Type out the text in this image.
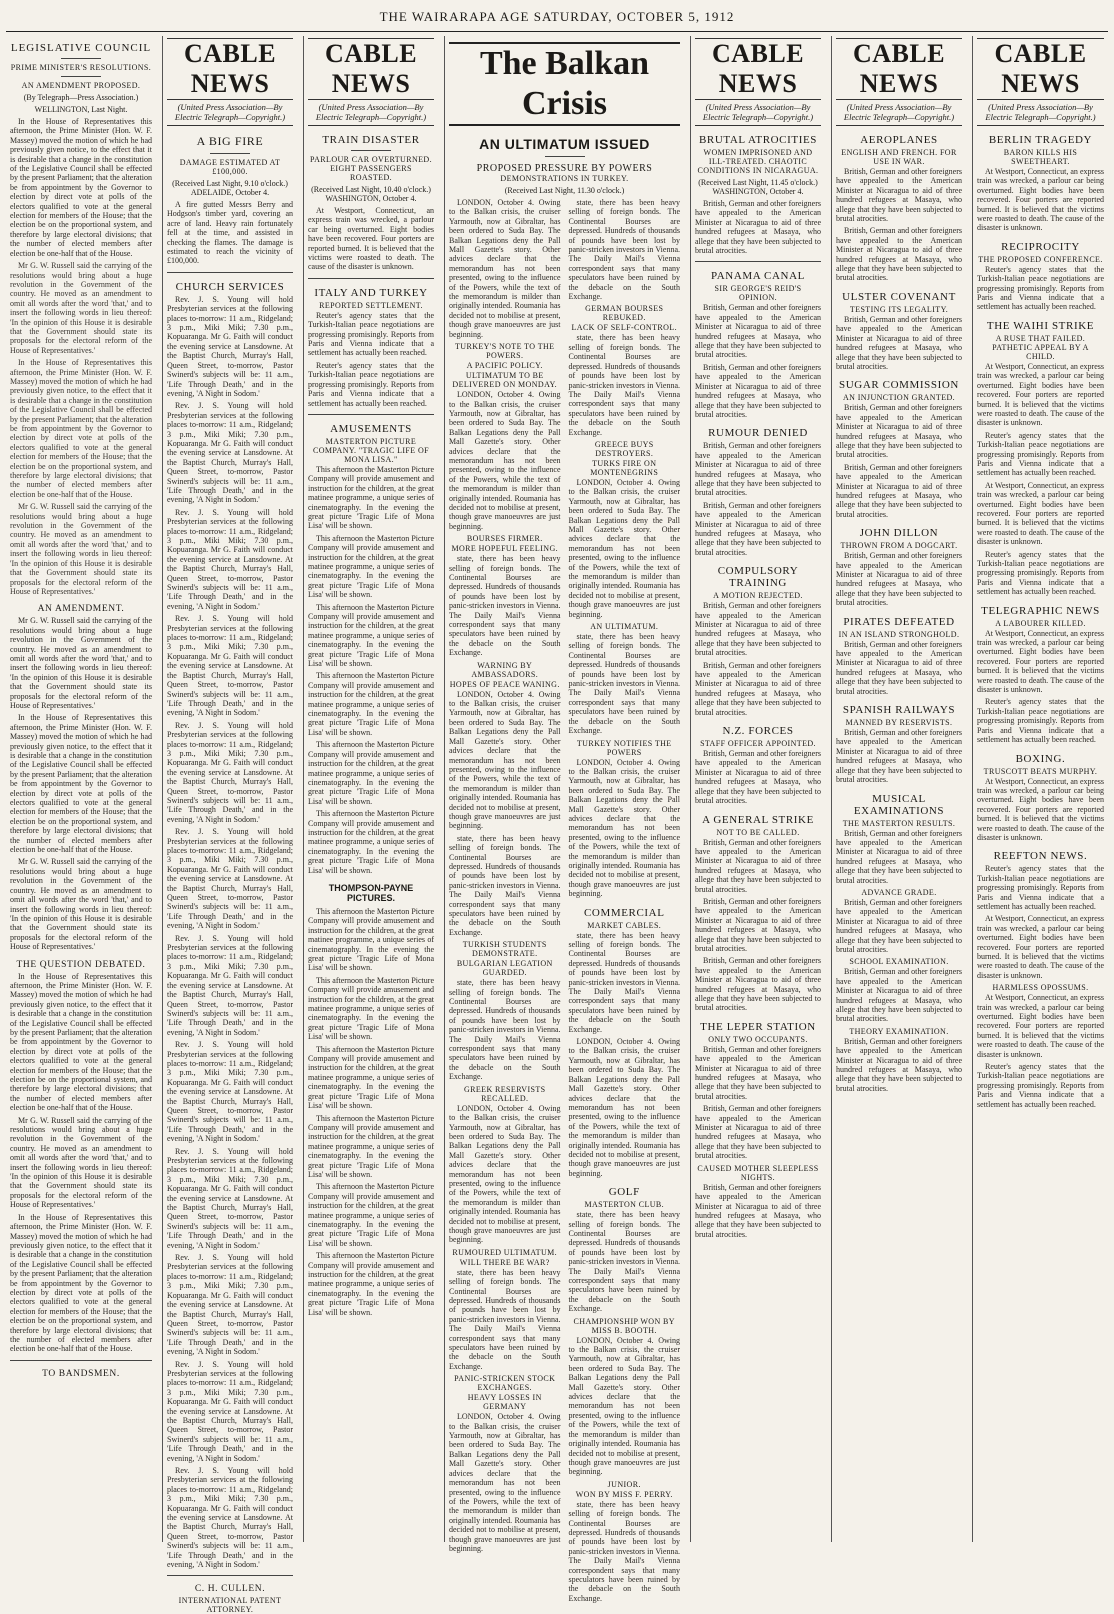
THE WAIRARAPA AGE SATURDAY, OCTOBER 5, 1912
LEGISLATIVE COUNCIL
PRIME MINISTER'S RESOLUTIONS.
AN AMENDMENT PROPOSED.
(By Telegraph—Press Association.)
WELLINGTON, Last Night.

In the House of Representatives this afternoon, the Prime Minister (Hon. W. F. Massey) moved the motion of which he had previously given notice, to the effect that it is desirable that a change in the constitution of the Legislative Council shall be effected by the present Parliament; that the alteration be from appointment by the Governor to election by direct vote at polls of the electors qualified to vote at the general election for members of the House; that the election be on the proportional system, and therefore by large electoral divisions; that the number of elected members after election be one-half that of the House.

Mr G. W. Russell said the carrying of the resolutions would bring about a huge revolution in the Government of the country. He moved as an amendment to omit all words after the word 'that,' and to insert the following words in lieu thereof: 'In the opinion of this House it is desirable that the Government should state its proposals for the electoral reform of the House of Representatives.'

In the House of Representatives this afternoon, the Prime Minister (Hon. W. F. Massey) moved the motion of which he had previously given notice, to the effect that it is desirable that a change in the constitution of the Legislative Council shall be effected by the present Parliament; that the alteration be from appointment by the Governor to election by direct vote at polls of the electors qualified to vote at the general election for members of the House; that the election be on the proportional system, and therefore by large electoral divisions; that the number of elected members after election be one-half that of the House.

Mr G. W. Russell said the carrying of the resolutions would bring about a huge revolution in the Government of the country. He moved as an amendment to omit all words after the word 'that,' and to insert the following words in lieu thereof: 'In the opinion of this House it is desirable that the Government should state its proposals for the electoral reform of the House of Representatives.'

AN AMENDMENT.

Mr G. W. Russell said the carrying of the resolutions would bring about a huge revolution in the Government of the country. He moved as an amendment to omit all words after the word 'that,' and to insert the following words in lieu thereof: 'In the opinion of this House it is desirable that the Government should state its proposals for the electoral reform of the House of Representatives.'

In the House of Representatives this afternoon, the Prime Minister (Hon. W. F. Massey) moved the motion of which he had previously given notice, to the effect that it is desirable that a change in the constitution of the Legislative Council shall be effected by the present Parliament; that the alteration be from appointment by the Governor to election by direct vote at polls of the electors qualified to vote at the general election for members of the House; that the election be on the proportional system, and therefore by large electoral divisions; that the number of elected members after election be one-half that of the House.

Mr G. W. Russell said the carrying of the resolutions would bring about a huge revolution in the Government of the country. He moved as an amendment to omit all words after the word 'that,' and to insert the following words in lieu thereof: 'In the opinion of this House it is desirable that the Government should state its proposals for the electoral reform of the House of Representatives.'

THE QUESTION DEBATED.

In the House of Representatives this afternoon, the Prime Minister (Hon. W. F. Massey) moved the motion of which he had previously given notice, to the effect that it is desirable that a change in the constitution of the Legislative Council shall be effected by the present Parliament; that the alteration be from appointment by the Governor to election by direct vote at polls of the electors qualified to vote at the general election for members of the House; that the election be on the proportional system, and therefore by large electoral divisions; that the number of elected members after election be one-half that of the House.

Mr G. W. Russell said the carrying of the resolutions would bring about a huge revolution in the Government of the country. He moved as an amendment to omit all words after the word 'that,' and to insert the following words in lieu thereof: 'In the opinion of this House it is desirable that the Government should state its proposals for the electoral reform of the House of Representatives.'

In the House of Representatives this afternoon, the Prime Minister (Hon. W. F. Massey) moved the motion of which he had previously given notice, to the effect that it is desirable that a change in the constitution of the Legislative Council shall be effected by the present Parliament; that the alteration be from appointment by the Governor to election by direct vote at polls of the electors qualified to vote at the general election for members of the House; that the election be on the proportional system, and therefore by large electoral divisions; that the number of elected members after election be one-half that of the House.

TO BANDSMEN.
CABLE NEWS
(United Press Association—By Electric Telegraph—Copyright.)
A BIG FIRE
DAMAGE ESTIMATED AT £100,000.
(Received Last Night, 9.10 o'clock.) ADELAIDE, October 4.

A fire gutted Messrs Berry and Hodgson's timber yard, covering an acre of land. Heavy rain fortunately fell at the time, and assisted in checking the flames. The damage is estimated to reach the vicinity of £100,000.

CHURCH SERVICES

Rev. J. S. Young will hold Presbyterian services at the following places to-morrow: 11 a.m., Ridgeland; 3 p.m., Miki Miki; 7.30 p.m., Kopuaranga. Mr G. Faith will conduct the evening service at Lansdowne. At the Baptist Church, Murray's Hall, Queen Street, to-morrow, Pastor Swinerd's subjects will be: 11 a.m., 'Life Through Death,' and in the evening, 'A Night in Sodom.'

Rev. J. S. Young will hold Presbyterian services at the following places to-morrow: 11 a.m., Ridgeland; 3 p.m., Miki Miki; 7.30 p.m., Kopuaranga. Mr G. Faith will conduct the evening service at Lansdowne. At the Baptist Church, Murray's Hall, Queen Street, to-morrow, Pastor Swinerd's subjects will be: 11 a.m., 'Life Through Death,' and in the evening, 'A Night in Sodom.'

Rev. J. S. Young will hold Presbyterian services at the following places to-morrow: 11 a.m., Ridgeland; 3 p.m., Miki Miki; 7.30 p.m., Kopuaranga. Mr G. Faith will conduct the evening service at Lansdowne. At the Baptist Church, Murray's Hall, Queen Street, to-morrow, Pastor Swinerd's subjects will be: 11 a.m., 'Life Through Death,' and in the evening, 'A Night in Sodom.'

Rev. J. S. Young will hold Presbyterian services at the following places to-morrow: 11 a.m., Ridgeland; 3 p.m., Miki Miki; 7.30 p.m., Kopuaranga. Mr G. Faith will conduct the evening service at Lansdowne. At the Baptist Church, Murray's Hall, Queen Street, to-morrow, Pastor Swinerd's subjects will be: 11 a.m., 'Life Through Death,' and in the evening, 'A Night in Sodom.'

Rev. J. S. Young will hold Presbyterian services at the following places to-morrow: 11 a.m., Ridgeland; 3 p.m., Miki Miki; 7.30 p.m., Kopuaranga. Mr G. Faith will conduct the evening service at Lansdowne. At the Baptist Church, Murray's Hall, Queen Street, to-morrow, Pastor Swinerd's subjects will be: 11 a.m., 'Life Through Death,' and in the evening, 'A Night in Sodom.'

Rev. J. S. Young will hold Presbyterian services at the following places to-morrow: 11 a.m., Ridgeland; 3 p.m., Miki Miki; 7.30 p.m., Kopuaranga. Mr G. Faith will conduct the evening service at Lansdowne. At the Baptist Church, Murray's Hall, Queen Street, to-morrow, Pastor Swinerd's subjects will be: 11 a.m., 'Life Through Death,' and in the evening, 'A Night in Sodom.'

Rev. J. S. Young will hold Presbyterian services at the following places to-morrow: 11 a.m., Ridgeland; 3 p.m., Miki Miki; 7.30 p.m., Kopuaranga. Mr G. Faith will conduct the evening service at Lansdowne. At the Baptist Church, Murray's Hall, Queen Street, to-morrow, Pastor Swinerd's subjects will be: 11 a.m., 'Life Through Death,' and in the evening, 'A Night in Sodom.'

Rev. J. S. Young will hold Presbyterian services at the following places to-morrow: 11 a.m., Ridgeland; 3 p.m., Miki Miki; 7.30 p.m., Kopuaranga. Mr G. Faith will conduct the evening service at Lansdowne. At the Baptist Church, Murray's Hall, Queen Street, to-morrow, Pastor Swinerd's subjects will be: 11 a.m., 'Life Through Death,' and in the evening, 'A Night in Sodom.'

Rev. J. S. Young will hold Presbyterian services at the following places to-morrow: 11 a.m., Ridgeland; 3 p.m., Miki Miki; 7.30 p.m., Kopuaranga. Mr G. Faith will conduct the evening service at Lansdowne. At the Baptist Church, Murray's Hall, Queen Street, to-morrow, Pastor Swinerd's subjects will be: 11 a.m., 'Life Through Death,' and in the evening, 'A Night in Sodom.'

Rev. J. S. Young will hold Presbyterian services at the following places to-morrow: 11 a.m., Ridgeland; 3 p.m., Miki Miki; 7.30 p.m., Kopuaranga. Mr G. Faith will conduct the evening service at Lansdowne. At the Baptist Church, Murray's Hall, Queen Street, to-morrow, Pastor Swinerd's subjects will be: 11 a.m., 'Life Through Death,' and in the evening, 'A Night in Sodom.'

Rev. J. S. Young will hold Presbyterian services at the following places to-morrow: 11 a.m., Ridgeland; 3 p.m., Miki Miki; 7.30 p.m., Kopuaranga. Mr G. Faith will conduct the evening service at Lansdowne. At the Baptist Church, Murray's Hall, Queen Street, to-morrow, Pastor Swinerd's subjects will be: 11 a.m., 'Life Through Death,' and in the evening, 'A Night in Sodom.'

Rev. J. S. Young will hold Presbyterian services at the following places to-morrow: 11 a.m., Ridgeland; 3 p.m., Miki Miki; 7.30 p.m., Kopuaranga. Mr G. Faith will conduct the evening service at Lansdowne. At the Baptist Church, Murray's Hall, Queen Street, to-morrow, Pastor Swinerd's subjects will be: 11 a.m., 'Life Through Death,' and in the evening, 'A Night in Sodom.'

C. H. CULLEN.
INTERNATIONAL PATENT ATTORNEY.
CABLE NEWS
(United Press Association—By Electric Telegraph—Copyright.)
TRAIN DISASTER
PARLOUR CAR OVERTURNED. EIGHT PASSENGERS ROASTED.
(Received Last Night, 10.40 o'clock.) WASHINGTON, October 4.

At Westport, Connecticut, an express train was wrecked, a parlour car being overturned. Eight bodies have been recovered. Four porters are reported burned. It is believed that the victims were roasted to death. The cause of the disaster is unknown.

ITALY AND TURKEY
REPORTED SETTLEMENT.

Reuter's agency states that the Turkish-Italian peace negotiations are progressing promisingly. Reports from Paris and Vienna indicate that a settlement has actually been reached.

Reuter's agency states that the Turkish-Italian peace negotiations are progressing promisingly. Reports from Paris and Vienna indicate that a settlement has actually been reached.

AMUSEMENTS
MASTERTON PICTURE COMPANY. "TRAGIC LIFE OF MONA LISA."

This afternoon the Masterton Picture Company will provide amusement and instruction for the children, at the great matinee programme, a unique series of cinematography. In the evening the great picture 'Tragic Life of Mona Lisa' will be shown.

This afternoon the Masterton Picture Company will provide amusement and instruction for the children, at the great matinee programme, a unique series of cinematography. In the evening the great picture 'Tragic Life of Mona Lisa' will be shown.

This afternoon the Masterton Picture Company will provide amusement and instruction for the children, at the great matinee programme, a unique series of cinematography. In the evening the great picture 'Tragic Life of Mona Lisa' will be shown.

This afternoon the Masterton Picture Company will provide amusement and instruction for the children, at the great matinee programme, a unique series of cinematography. In the evening the great picture 'Tragic Life of Mona Lisa' will be shown.

This afternoon the Masterton Picture Company will provide amusement and instruction for the children, at the great matinee programme, a unique series of cinematography. In the evening the great picture 'Tragic Life of Mona Lisa' will be shown.

This afternoon the Masterton Picture Company will provide amusement and instruction for the children, at the great matinee programme, a unique series of cinematography. In the evening the great picture 'Tragic Life of Mona Lisa' will be shown.

THOMPSON-PAYNE PICTURES.

This afternoon the Masterton Picture Company will provide amusement and instruction for the children, at the great matinee programme, a unique series of cinematography. In the evening the great picture 'Tragic Life of Mona Lisa' will be shown.

This afternoon the Masterton Picture Company will provide amusement and instruction for the children, at the great matinee programme, a unique series of cinematography. In the evening the great picture 'Tragic Life of Mona Lisa' will be shown.

This afternoon the Masterton Picture Company will provide amusement and instruction for the children, at the great matinee programme, a unique series of cinematography. In the evening the great picture 'Tragic Life of Mona Lisa' will be shown.

This afternoon the Masterton Picture Company will provide amusement and instruction for the children, at the great matinee programme, a unique series of cinematography. In the evening the great picture 'Tragic Life of Mona Lisa' will be shown.

This afternoon the Masterton Picture Company will provide amusement and instruction for the children, at the great matinee programme, a unique series of cinematography. In the evening the great picture 'Tragic Life of Mona Lisa' will be shown.

This afternoon the Masterton Picture Company will provide amusement and instruction for the children, at the great matinee programme, a unique series of cinematography. In the evening the great picture 'Tragic Life of Mona Lisa' will be shown.

The Balkan Crisis
AN ULTIMATUM ISSUED
PROPOSED PRESSURE BY POWERS
DEMONSTRATIONS IN TURKEY.
(Received Last Night, 11.30 o'clock.)

LONDON, October 4. Owing to the Balkan crisis, the cruiser Yarmouth, now at Gibraltar, has been ordered to Suda Bay. The Balkan Legations deny the Pall Mall Gazette's story. Other advices declare that the memorandum has not been presented, owing to the influence of the Powers, while the text of the memorandum is milder than originally intended. Roumania has decided not to mobilise at present, though grave manoeuvres are just beginning.

TURKEY'S NOTE TO THE POWERS.
A PACIFIC POLICY.
ULTIMATUM TO BE DELIVERED ON MONDAY.

LONDON, October 4. Owing to the Balkan crisis, the cruiser Yarmouth, now at Gibraltar, has been ordered to Suda Bay. The Balkan Legations deny the Pall Mall Gazette's story. Other advices declare that the memorandum has not been presented, owing to the influence of the Powers, while the text of the memorandum is milder than originally intended. Roumania has decided not to mobilise at present, though grave manoeuvres are just beginning.

BOURSES FIRMER.
MORE HOPEFUL FEELING.

state, there has been heavy selling of foreign bonds. The Continental Bourses are depressed. Hundreds of thousands of pounds have been lost by panic-stricken investors in Vienna. The Daily Mail's Vienna correspondent says that many speculators have been ruined by the debacle on the South Exchange.

WARNING BY AMBASSADORS.
HOPES OF PEACE WANING.

LONDON, October 4. Owing to the Balkan crisis, the cruiser Yarmouth, now at Gibraltar, has been ordered to Suda Bay. The Balkan Legations deny the Pall Mall Gazette's story. Other advices declare that the memorandum has not been presented, owing to the influence of the Powers, while the text of the memorandum is milder than originally intended. Roumania has decided not to mobilise at present, though grave manoeuvres are just beginning.

state, there has been heavy selling of foreign bonds. The Continental Bourses are depressed. Hundreds of thousands of pounds have been lost by panic-stricken investors in Vienna. The Daily Mail's Vienna correspondent says that many speculators have been ruined by the debacle on the South Exchange.

TURKISH STUDENTS DEMONSTRATE.
BULGARIAN LEGATION GUARDED.

state, there has been heavy selling of foreign bonds. The Continental Bourses are depressed. Hundreds of thousands of pounds have been lost by panic-stricken investors in Vienna. The Daily Mail's Vienna correspondent says that many speculators have been ruined by the debacle on the South Exchange.

GREEK RESERVISTS RECALLED.

LONDON, October 4. Owing to the Balkan crisis, the cruiser Yarmouth, now at Gibraltar, has been ordered to Suda Bay. The Balkan Legations deny the Pall Mall Gazette's story. Other advices declare that the memorandum has not been presented, owing to the influence of the Powers, while the text of the memorandum is milder than originally intended. Roumania has decided not to mobilise at present, though grave manoeuvres are just beginning.

RUMOURED ULTIMATUM.
WILL THERE BE WAR?

state, there has been heavy selling of foreign bonds. The Continental Bourses are depressed. Hundreds of thousands of pounds have been lost by panic-stricken investors in Vienna. The Daily Mail's Vienna correspondent says that many speculators have been ruined by the debacle on the South Exchange.

PANIC-STRICKEN STOCK EXCHANGES.
HEAVY LOSSES IN GERMANY

LONDON, October 4. Owing to the Balkan crisis, the cruiser Yarmouth, now at Gibraltar, has been ordered to Suda Bay. The Balkan Legations deny the Pall Mall Gazette's story. Other advices declare that the memorandum has not been presented, owing to the influence of the Powers, while the text of the memorandum is milder than originally intended. Roumania has decided not to mobilise at present, though grave manoeuvres are just beginning.

state, there has been heavy selling of foreign bonds. The Continental Bourses are depressed. Hundreds of thousands of pounds have been lost by panic-stricken investors in Vienna. The Daily Mail's Vienna correspondent says that many speculators have been ruined by the debacle on the South Exchange.

GERMAN BOURSES REBUKED.
LACK OF SELF-CONTROL.

state, there has been heavy selling of foreign bonds. The Continental Bourses are depressed. Hundreds of thousands of pounds have been lost by panic-stricken investors in Vienna. The Daily Mail's Vienna correspondent says that many speculators have been ruined by the debacle on the South Exchange.

GREECE BUYS DESTROYERS.
TURKS FIRE ON MONTENEGRINS

LONDON, October 4. Owing to the Balkan crisis, the cruiser Yarmouth, now at Gibraltar, has been ordered to Suda Bay. The Balkan Legations deny the Pall Mall Gazette's story. Other advices declare that the memorandum has not been presented, owing to the influence of the Powers, while the text of the memorandum is milder than originally intended. Roumania has decided not to mobilise at present, though grave manoeuvres are just beginning.

AN ULTIMATUM.

state, there has been heavy selling of foreign bonds. The Continental Bourses are depressed. Hundreds of thousands of pounds have been lost by panic-stricken investors in Vienna. The Daily Mail's Vienna correspondent says that many speculators have been ruined by the debacle on the South Exchange.

TURKEY NOTIFIES THE POWERS

LONDON, October 4. Owing to the Balkan crisis, the cruiser Yarmouth, now at Gibraltar, has been ordered to Suda Bay. The Balkan Legations deny the Pall Mall Gazette's story. Other advices declare that the memorandum has not been presented, owing to the influence of the Powers, while the text of the memorandum is milder than originally intended. Roumania has decided not to mobilise at present, though grave manoeuvres are just beginning.

COMMERCIAL
MARKET CABLES.

state, there has been heavy selling of foreign bonds. The Continental Bourses are depressed. Hundreds of thousands of pounds have been lost by panic-stricken investors in Vienna. The Daily Mail's Vienna correspondent says that many speculators have been ruined by the debacle on the South Exchange.

LONDON, October 4. Owing to the Balkan crisis, the cruiser Yarmouth, now at Gibraltar, has been ordered to Suda Bay. The Balkan Legations deny the Pall Mall Gazette's story. Other advices declare that the memorandum has not been presented, owing to the influence of the Powers, while the text of the memorandum is milder than originally intended. Roumania has decided not to mobilise at present, though grave manoeuvres are just beginning.

GOLF
MASTERTON CLUB.

state, there has been heavy selling of foreign bonds. The Continental Bourses are depressed. Hundreds of thousands of pounds have been lost by panic-stricken investors in Vienna. The Daily Mail's Vienna correspondent says that many speculators have been ruined by the debacle on the South Exchange.

CHAMPIONSHIP WON BY MISS B. BOOTH.

LONDON, October 4. Owing to the Balkan crisis, the cruiser Yarmouth, now at Gibraltar, has been ordered to Suda Bay. The Balkan Legations deny the Pall Mall Gazette's story. Other advices declare that the memorandum has not been presented, owing to the influence of the Powers, while the text of the memorandum is milder than originally intended. Roumania has decided not to mobilise at present, though grave manoeuvres are just beginning.

JUNIOR.
WON BY MISS F. PERRY.

state, there has been heavy selling of foreign bonds. The Continental Bourses are depressed. Hundreds of thousands of pounds have been lost by panic-stricken investors in Vienna. The Daily Mail's Vienna correspondent says that many speculators have been ruined by the debacle on the South Exchange.

CABLE NEWS
(United Press Association—By Electric Telegraph—Copyright.)
BRUTAL ATROCITIES
WOMEN IMPRISONED AND ILL-TREATED. CHAOTIC CONDITIONS IN NICARAGUA.
(Received Last Night, 11.45 o'clock.) WASHINGTON, October 4.

British, German and other foreigners have appealed to the American Minister at Nicaragua to aid of three hundred refugees at Masaya, who allege that they have been subjected to brutal atrocities.

PANAMA CANAL
SIR GEORGE'S REID'S OPINION.

British, German and other foreigners have appealed to the American Minister at Nicaragua to aid of three hundred refugees at Masaya, who allege that they have been subjected to brutal atrocities.

British, German and other foreigners have appealed to the American Minister at Nicaragua to aid of three hundred refugees at Masaya, who allege that they have been subjected to brutal atrocities.

RUMOUR DENIED

British, German and other foreigners have appealed to the American Minister at Nicaragua to aid of three hundred refugees at Masaya, who allege that they have been subjected to brutal atrocities.

British, German and other foreigners have appealed to the American Minister at Nicaragua to aid of three hundred refugees at Masaya, who allege that they have been subjected to brutal atrocities.

COMPULSORY TRAINING
A MOTION REJECTED.

British, German and other foreigners have appealed to the American Minister at Nicaragua to aid of three hundred refugees at Masaya, who allege that they have been subjected to brutal atrocities.

British, German and other foreigners have appealed to the American Minister at Nicaragua to aid of three hundred refugees at Masaya, who allege that they have been subjected to brutal atrocities.

N.Z. FORCES
STAFF OFFICER APPOINTED.

British, German and other foreigners have appealed to the American Minister at Nicaragua to aid of three hundred refugees at Masaya, who allege that they have been subjected to brutal atrocities.

A GENERAL STRIKE
NOT TO BE CALLED.

British, German and other foreigners have appealed to the American Minister at Nicaragua to aid of three hundred refugees at Masaya, who allege that they have been subjected to brutal atrocities.

British, German and other foreigners have appealed to the American Minister at Nicaragua to aid of three hundred refugees at Masaya, who allege that they have been subjected to brutal atrocities.

British, German and other foreigners have appealed to the American Minister at Nicaragua to aid of three hundred refugees at Masaya, who allege that they have been subjected to brutal atrocities.

THE LEPER STATION
ONLY TWO OCCUPANTS.

British, German and other foreigners have appealed to the American Minister at Nicaragua to aid of three hundred refugees at Masaya, who allege that they have been subjected to brutal atrocities.

British, German and other foreigners have appealed to the American Minister at Nicaragua to aid of three hundred refugees at Masaya, who allege that they have been subjected to brutal atrocities.

CAUSED MOTHER SLEEPLESS NIGHTS.

British, German and other foreigners have appealed to the American Minister at Nicaragua to aid of three hundred refugees at Masaya, who allege that they have been subjected to brutal atrocities.

CABLE NEWS
(United Press Association—By Electric Telegraph—Copyright.)
AEROPLANES
ENGLISH AND FRENCH. FOR USE IN WAR.

British, German and other foreigners have appealed to the American Minister at Nicaragua to aid of three hundred refugees at Masaya, who allege that they have been subjected to brutal atrocities.

British, German and other foreigners have appealed to the American Minister at Nicaragua to aid of three hundred refugees at Masaya, who allege that they have been subjected to brutal atrocities.

ULSTER COVENANT
TESTING ITS LEGALITY.

British, German and other foreigners have appealed to the American Minister at Nicaragua to aid of three hundred refugees at Masaya, who allege that they have been subjected to brutal atrocities.

SUGAR COMMISSION
AN INJUNCTION GRANTED.

British, German and other foreigners have appealed to the American Minister at Nicaragua to aid of three hundred refugees at Masaya, who allege that they have been subjected to brutal atrocities.

British, German and other foreigners have appealed to the American Minister at Nicaragua to aid of three hundred refugees at Masaya, who allege that they have been subjected to brutal atrocities.

JOHN DILLON
THROWN FROM A DOGCART.

British, German and other foreigners have appealed to the American Minister at Nicaragua to aid of three hundred refugees at Masaya, who allege that they have been subjected to brutal atrocities.

PIRATES DEFEATED
IN AN ISLAND STRONGHOLD.

British, German and other foreigners have appealed to the American Minister at Nicaragua to aid of three hundred refugees at Masaya, who allege that they have been subjected to brutal atrocities.

SPANISH RAILWAYS
MANNED BY RESERVISTS.

British, German and other foreigners have appealed to the American Minister at Nicaragua to aid of three hundred refugees at Masaya, who allege that they have been subjected to brutal atrocities.

MUSICAL EXAMINATIONS
THE MASTERTON RESULTS.

British, German and other foreigners have appealed to the American Minister at Nicaragua to aid of three hundred refugees at Masaya, who allege that they have been subjected to brutal atrocities.

ADVANCE GRADE.

British, German and other foreigners have appealed to the American Minister at Nicaragua to aid of three hundred refugees at Masaya, who allege that they have been subjected to brutal atrocities.

SCHOOL EXAMINATION.

British, German and other foreigners have appealed to the American Minister at Nicaragua to aid of three hundred refugees at Masaya, who allege that they have been subjected to brutal atrocities.

THEORY EXAMINATION.

British, German and other foreigners have appealed to the American Minister at Nicaragua to aid of three hundred refugees at Masaya, who allege that they have been subjected to brutal atrocities.

CABLE NEWS
(United Press Association—By Electric Telegraph—Copyright.)
BERLIN TRAGEDY
BARON KILLS HIS SWEETHEART.

At Westport, Connecticut, an express train was wrecked, a parlour car being overturned. Eight bodies have been recovered. Four porters are reported burned. It is believed that the victims were roasted to death. The cause of the disaster is unknown.

RECIPROCITY
THE PROPOSED CONFERENCE.

Reuter's agency states that the Turkish-Italian peace negotiations are progressing promisingly. Reports from Paris and Vienna indicate that a settlement has actually been reached.

THE WAIHI STRIKE
A RUSE THAT FAILED. PATHETIC APPEAL BY A CHILD.

At Westport, Connecticut, an express train was wrecked, a parlour car being overturned. Eight bodies have been recovered. Four porters are reported burned. It is believed that the victims were roasted to death. The cause of the disaster is unknown.

Reuter's agency states that the Turkish-Italian peace negotiations are progressing promisingly. Reports from Paris and Vienna indicate that a settlement has actually been reached.

At Westport, Connecticut, an express train was wrecked, a parlour car being overturned. Eight bodies have been recovered. Four porters are reported burned. It is believed that the victims were roasted to death. The cause of the disaster is unknown.

Reuter's agency states that the Turkish-Italian peace negotiations are progressing promisingly. Reports from Paris and Vienna indicate that a settlement has actually been reached.

TELEGRAPHIC NEWS
A LABOURER KILLED.

At Westport, Connecticut, an express train was wrecked, a parlour car being overturned. Eight bodies have been recovered. Four porters are reported burned. It is believed that the victims were roasted to death. The cause of the disaster is unknown.

Reuter's agency states that the Turkish-Italian peace negotiations are progressing promisingly. Reports from Paris and Vienna indicate that a settlement has actually been reached.

BOXING.
TRUSCOTT BEATS MURPHY.

At Westport, Connecticut, an express train was wrecked, a parlour car being overturned. Eight bodies have been recovered. Four porters are reported burned. It is believed that the victims were roasted to death. The cause of the disaster is unknown.

REEFTON NEWS.

Reuter's agency states that the Turkish-Italian peace negotiations are progressing promisingly. Reports from Paris and Vienna indicate that a settlement has actually been reached.

At Westport, Connecticut, an express train was wrecked, a parlour car being overturned. Eight bodies have been recovered. Four porters are reported burned. It is believed that the victims were roasted to death. The cause of the disaster is unknown.

HARMLESS OPOSSUMS.

At Westport, Connecticut, an express train was wrecked, a parlour car being overturned. Eight bodies have been recovered. Four porters are reported burned. It is believed that the victims were roasted to death. The cause of the disaster is unknown.

Reuter's agency states that the Turkish-Italian peace negotiations are progressing promisingly. Reports from Paris and Vienna indicate that a settlement has actually been reached.
